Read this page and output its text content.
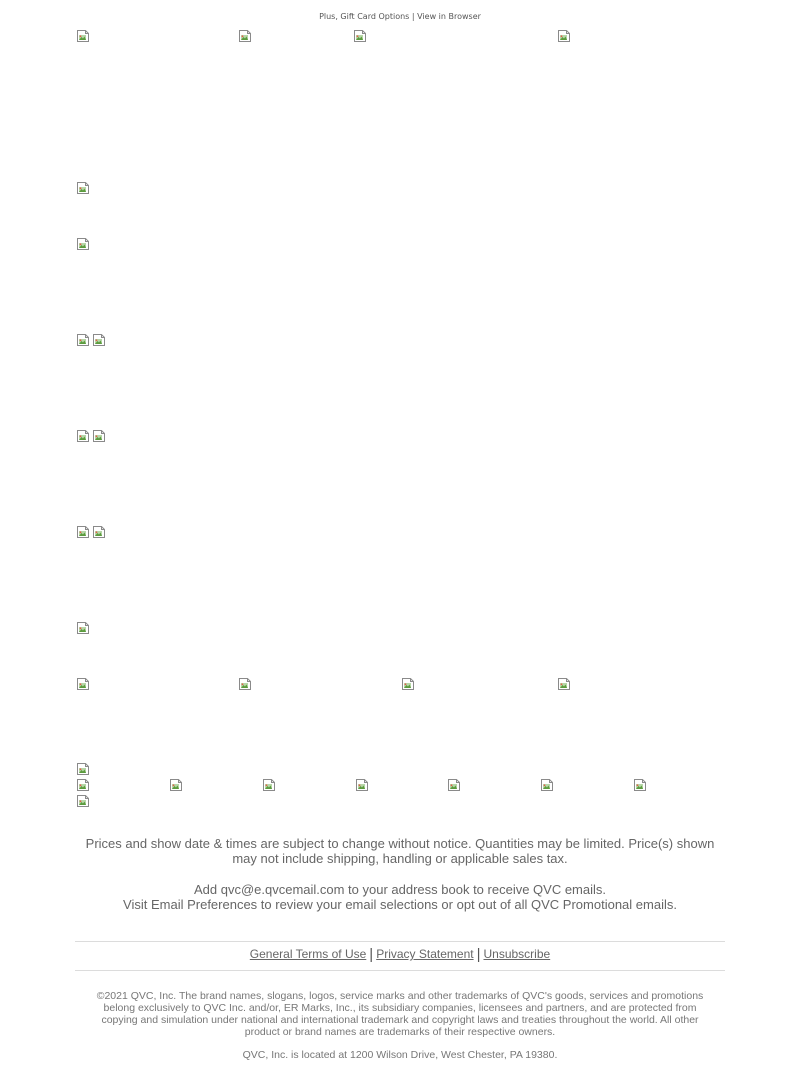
Plus, Gift Card Options | View in Browser
Prices and show date & times are subject to change without notice. Quantities may be limited. Price(s) shown may not include shipping, handling or applicable sales tax.
Add qvc@e.qvcemail.com to your address book to receive QVC emails.
Visit Email Preferences to review your email selections or opt out of all QVC Promotional emails.
General Terms of Use | Privacy Statement | Unsubscribe
©2021 QVC, Inc. The brand names, slogans, logos, service marks and other trademarks of QVC's goods, services and promotions belong exclusively to QVC Inc. and/or, ER Marks, Inc., its subsidiary companies, licensees and partners, and are protected from copying and simulation under national and international trademark and copyright laws and treaties throughout the world. All other product or brand names are trademarks of their respective owners.
QVC, Inc. is located at 1200 Wilson Drive, West Chester, PA 19380.
